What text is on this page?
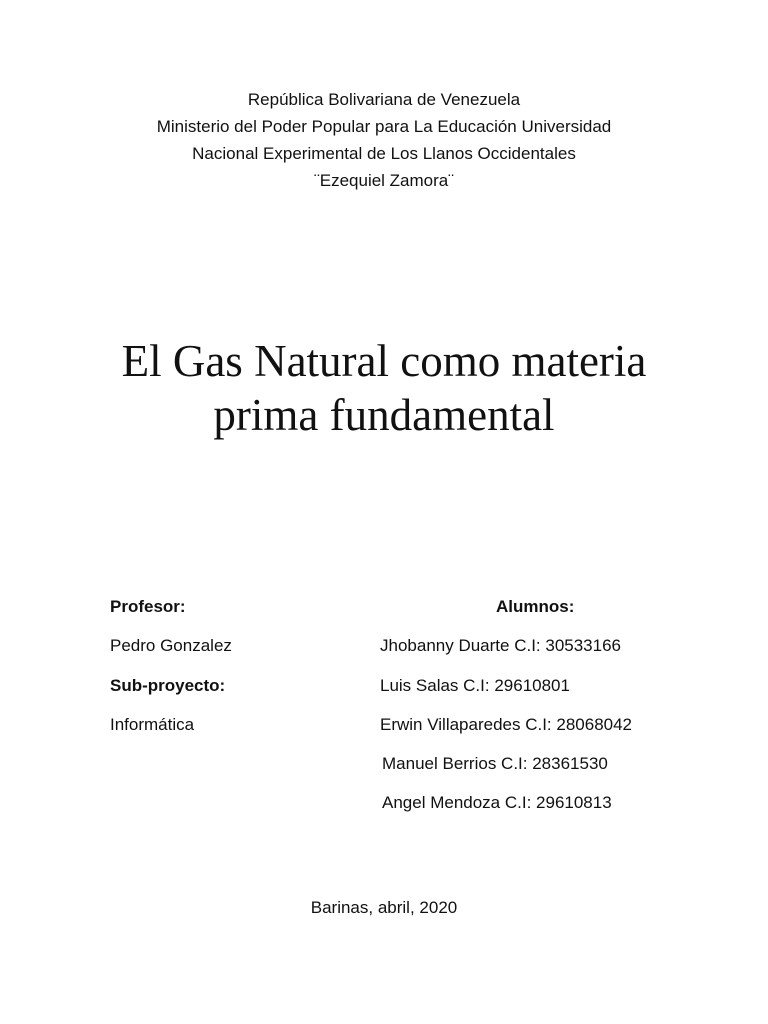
República Bolivariana de Venezuela
Ministerio del Poder Popular para La Educación Universidad
Nacional Experimental de Los Llanos Occidentales
¨Ezequiel Zamora¨
El Gas Natural como materia
prima fundamental
Profesor:
Pedro Gonzalez
Sub-proyecto:
Informática
Alumnos:
Jhobanny Duarte C.I: 30533166
Luis Salas C.I: 29610801
Erwin Villaparedes C.I: 28068042
Manuel Berrios C.I: 28361530
Angel Mendoza C.I: 29610813
Barinas, abril, 2020
